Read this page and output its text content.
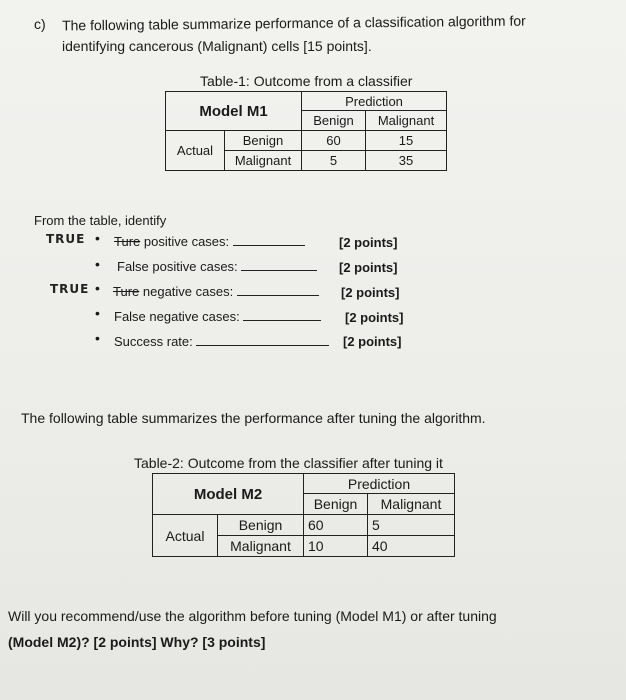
c) The following table summarize performance of a classification algorithm for
identifying cancerous (Malignant) cells [15 points].
Table-1: Outcome from a classifier
Model M1		Prediction	
		Benign	Malignant
Actual	Benign	60	15
	Malignant	5	35
From the table, identify
TRUE • Ture positive cases:	[2 points]
• False positive cases:	[2 points]
TRUE • Ture negative cases:	[2 points]
• False negative cases:	[2 points]
• Success rate:	[2 points]
The following table summarizes the performance after tuning the algorithm.
Table-2: Outcome from the classifier after tuning it
Model M2		Prediction	
		Benign	Malignant
Actual	Benign	60	5
	Malignant	10	40
Will you recommend/use the algorithm before tuning (Model M1) or after tuning
(Model M2)? [2 points] Why? [3 points]
